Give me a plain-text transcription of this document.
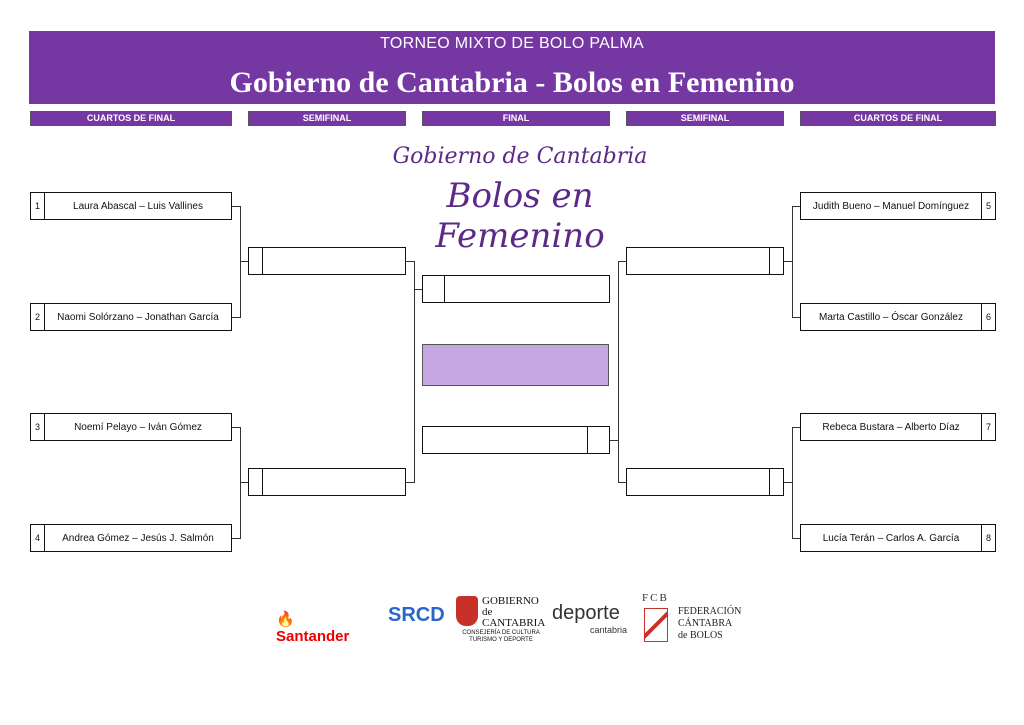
TORNEO MIXTO DE BOLO PALMA
Gobierno de Cantabria - Bolos en Femenino
CUARTOS DE FINAL	SEMIFINAL	FINAL	SEMIFINAL	CUARTOS DE FINAL
Gobierno de Cantabria
Bolos en Femenino
1	Laura Abascal – Luis Vallines
2	Naomi Solórzano – Jonathan García
3	Noemí Pelayo – Iván Gómez
4	Andrea Gómez – Jesús J. Salmón
Judith Bueno – Manuel Domínguez	5
Marta Castillo – Óscar González	6
Rebeca Bustara – Alberto Díaz	7
Lucía Terán – Carlos A. García	8
🔥 Santander
SRCD
GOBIERNO
de
CANTABRIA
CONSEJERÍA DE CULTURA
TURISMO Y DEPORTE
deporte
cantabria
FCB
FEDERACIÓN
CÁNTABRA
de BOLOS
